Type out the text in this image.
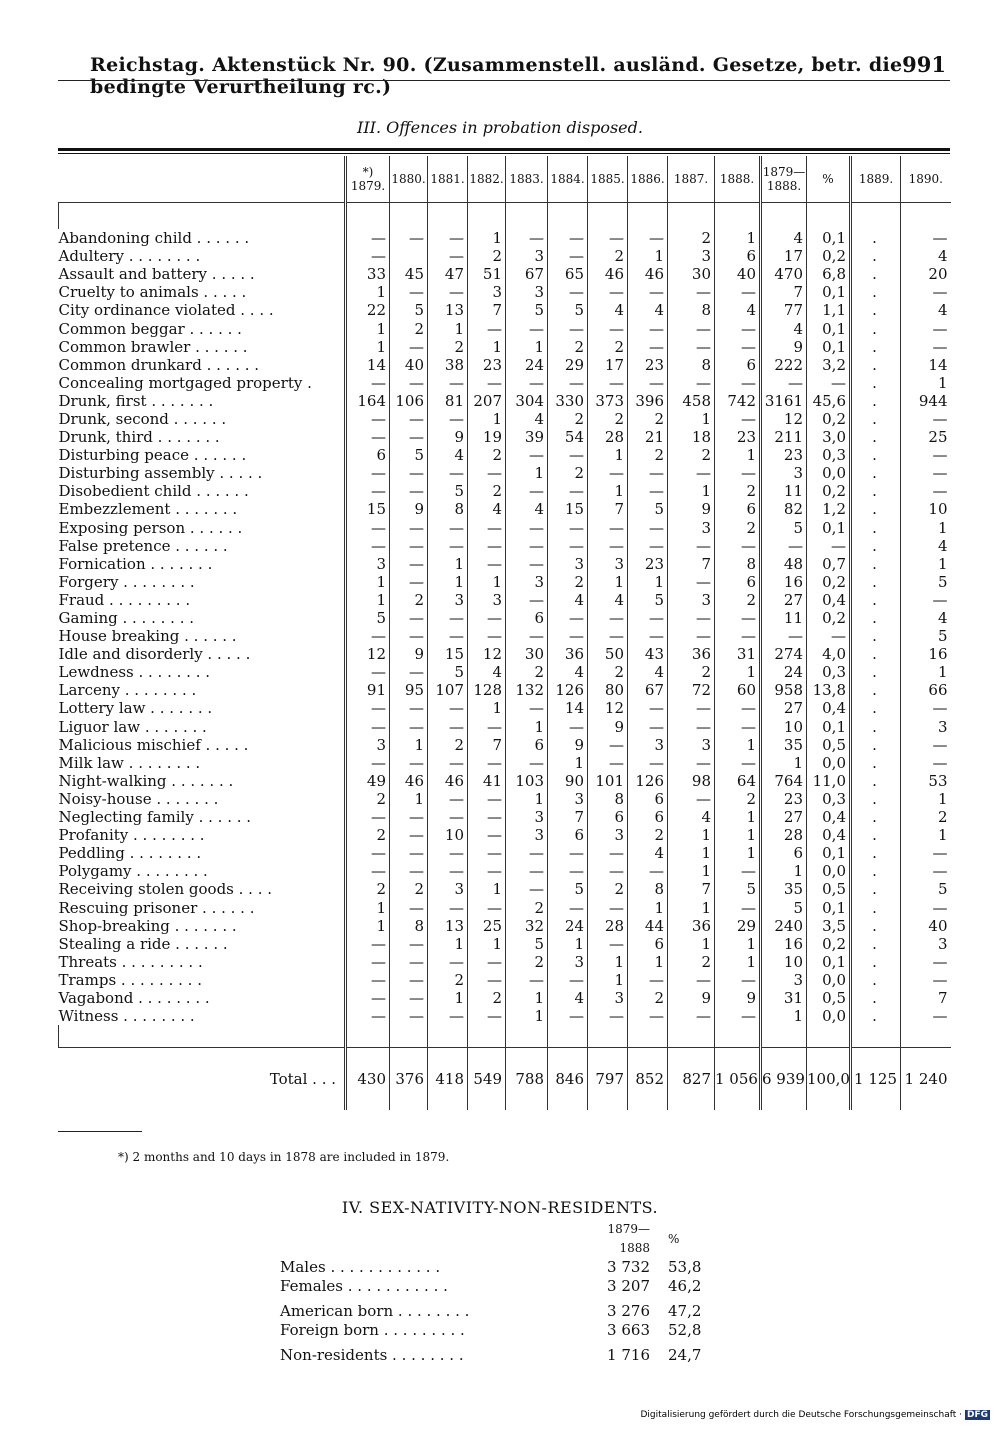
Reichstag. Aktenstück Nr. 90. (Zusammenstell. ausländ. Gesetze, betr. die bedingte Verurtheilung rc.)
991
III. Offences in probation disposed.
	*)
1879.	1880.	1881.	1882.	1883.	1884.	1885.	1886.	1887.	1888.	1879—
1888.	%	1889.	1890.

Abandoning child . . . . . .	—	—	—	1	—	—	—	—	2	1	4	0,1	.	—
Adultery . . . . . . . .	—		—	2	3	—	2	1	3	6	17	0,2	.	4
Assault and battery . . . . .	33	45	47	51	67	65	46	46	30	40	470	6,8	.	20
Cruelty to animals . . . . .	1	—	—	3	3	—	—	—	—	—	7	0,1	.	—
City ordinance violated . . . .	22	5	13	7	5	5	4	4	8	4	77	1,1	.	4
Common beggar . . . . . .	1	2	1	—	—	—	—	—	—	—	4	0,1	.	—
Common brawler . . . . . .	1	—	2	1	1	2	2	—	—	—	9	0,1	.	—
Common drunkard . . . . . .	14	40	38	23	24	29	17	23	8	6	222	3,2	.	14
Concealing mortgaged property .	—	—	—	—	—	—	—	—	—	—	—	—	.	1
Drunk, first . . . . . . .	164	106	81	207	304	330	373	396	458	742	3161	45,6	.	944
Drunk, second . . . . . .	—	—	—	1	4	2	2	2	1	—	12	0,2	.	—
Drunk, third . . . . . . .	—	—	9	19	39	54	28	21	18	23	211	3,0	.	25
Disturbing peace . . . . . .	6	5	4	2	—	—	1	2	2	1	23	0,3	.	—
Disturbing assembly . . . . .	—	—	—	—	1	2	—	—	—	—	3	0,0	.	—
Disobedient child . . . . . .	—	—	5	2	—	—	1	—	1	2	11	0,2	.	—
Embezzlement . . . . . . .	15	9	8	4	4	15	7	5	9	6	82	1,2	.	10
Exposing person . . . . . .	—	—	—	—	—	—	—	—	3	2	5	0,1	.	1
False pretence . . . . . .	—	—	—	—	—	—	—	—	—	—	—	—	.	4
Fornication . . . . . . .	3	—	1	—	—	3	3	23	7	8	48	0,7	.	1
Forgery . . . . . . . .	1	—	1	1	3	2	1	1	—	6	16	0,2	.	5
Fraud . . . . . . . . .	1	2	3	3	—	4	4	5	3	2	27	0,4	.	—
Gaming . . . . . . . .	5	—	—	—	6	—	—	—	—	—	11	0,2	.	4
House breaking . . . . . .	—	—	—	—	—	—	—	—	—	—	—	—	.	5
Idle and disorderly . . . . .	12	9	15	12	30	36	50	43	36	31	274	4,0	.	16
Lewdness . . . . . . . .	—	—	5	4	2	4	2	4	2	1	24	0,3	.	1
Larceny . . . . . . . .	91	95	107	128	132	126	80	67	72	60	958	13,8	.	66
Lottery law . . . . . . .	—	—	—	1	—	14	12	—	—	—	27	0,4	.	—
Liguor law . . . . . . .	—	—	—	—	1	—	9	—	—	—	10	0,1	.	3
Malicious mischief . . . . .	3	1	2	7	6	9	—	3	3	1	35	0,5	.	—
Milk law . . . . . . . .	—	—	—	—	—	1	—	—	—	—	1	0,0	.	—
Night-walking . . . . . . .	49	46	46	41	103	90	101	126	98	64	764	11,0	.	53
Noisy-house . . . . . . .	2	1	—	—	1	3	8	6	—	2	23	0,3	.	1
Neglecting family . . . . . .	—	—	—	—	3	7	6	6	4	1	27	0,4	.	2
Profanity . . . . . . . .	2	—	10	—	3	6	3	2	1	1	28	0,4	.	1
Peddling . . . . . . . .	—	—	—	—	—	—	—	4	1	1	6	0,1	.	—
Polygamy . . . . . . . .	—	—	—	—	—	—	—	—	1	—	1	0,0	.	—
Receiving stolen goods . . . .	2	2	3	1	—	5	2	8	7	5	35	0,5	.	5
Rescuing prisoner . . . . . .	1	—	—	—	2	—	—	1	1	—	5	0,1	.	—
Shop-breaking . . . . . . .	1	8	13	25	32	24	28	44	36	29	240	3,5	.	40
Stealing a ride . . . . . .	—	—	1	1	5	1	—	6	1	1	16	0,2	.	3
Threats . . . . . . . . .	—	—	—	—	2	3	1	1	2	1	10	0,1	.	—
Tramps . . . . . . . . .	—	—	2	—	—	—	1	—	—	—	3	0,0	.	—
Vagabond . . . . . . . .	—	—	1	2	1	4	3	2	9	9	31	0,5	.	7
Witness . . . . . . . .	—	—	—	—	1	—	—	—	—	—	1	0,0	.	—

Total . . .	430	376	418	549	788	846	797	852	827	1 056	6 939	100,0	1 125	1 240
*) 2 months and 10 days in 1878 are included in 1879.
IV. SEX-NATIVITY-NON-RESIDENTS.
	1879—1888	%
Males . . . . . . . . . . . .	3 732	53,8
Females . . . . . . . . . . .	3 207	46,2

American born . . . . . . . .	3 276	47,2
Foreign born . . . . . . . . .	3 663	52,8

Non-residents . . . . . . . .	1 716	24,7
Digitalisierung gefördert durch die Deutsche Forschungsgemeinschaft · DFG
